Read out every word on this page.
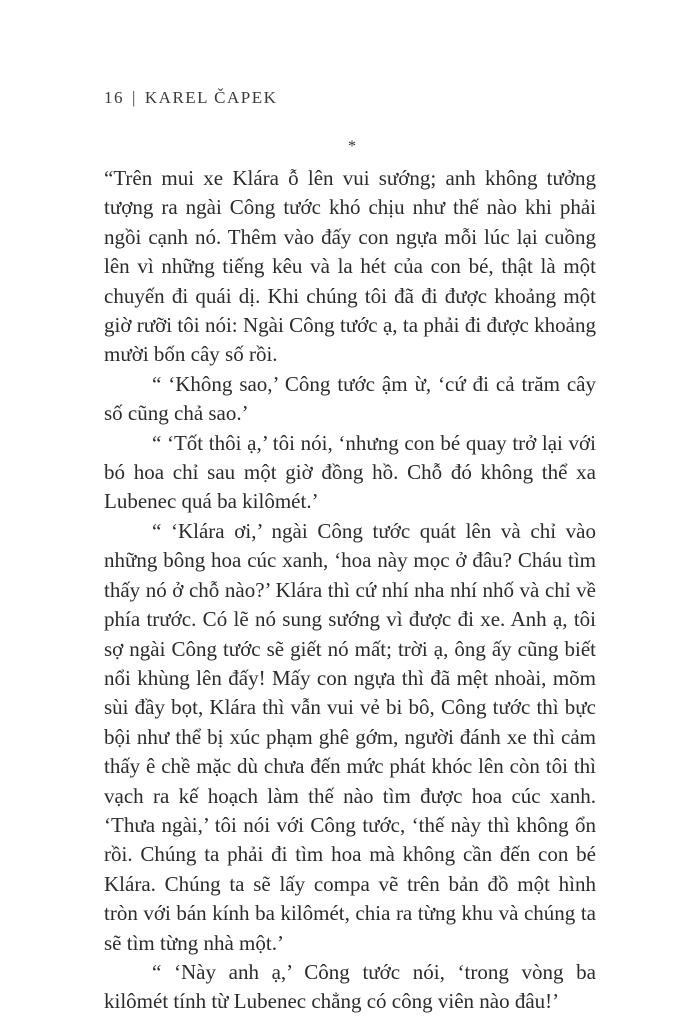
16 | KAREL ČAPEK
*

“Trên mui xe Klára ỗ lên vui sướng; anh không tưởng tượng ra ngài Công tước khó chịu như thế nào khi phải ngồi cạnh nó. Thêm vào đấy con ngựa mỗi lúc lại cuồng lên vì những tiếng kêu và la hét của con bé, thật là một chuyến đi quái dị. Khi chúng tôi đã đi được khoảng một giờ rưỡi tôi nói: Ngài Công tước ạ, ta phải đi được khoảng mười bốn cây số rồi.

“ ‘Không sao,’ Công tước ậm ừ, ‘cứ đi cả trăm cây số cũng chả sao.’

“ ‘Tốt thôi ạ,’ tôi nói, ‘nhưng con bé quay trở lại với bó hoa chỉ sau một giờ đồng hồ. Chỗ đó không thể xa Lubenec quá ba kilômét.’

“ ‘Klára ơi,’ ngài Công tước quát lên và chỉ vào những bông hoa cúc xanh, ‘hoa này mọc ở đâu? Cháu tìm thấy nó ở chỗ nào?’ Klára thì cứ nhí nha nhí nhố và chỉ về phía trước. Có lẽ nó sung sướng vì được đi xe. Anh ạ, tôi sợ ngài Công tước sẽ giết nó mất; trời ạ, ông ấy cũng biết nổi khùng lên đấy! Mấy con ngựa thì đã mệt nhoài, mõm sùi đầy bọt, Klára thì vẫn vui vẻ bi bô, Công tước thì bực bội như thể bị xúc phạm ghê gớm, người đánh xe thì cảm thấy ê chề mặc dù chưa đến mức phát khóc lên còn tôi thì vạch ra kế hoạch làm thế nào tìm được hoa cúc xanh. ‘Thưa ngài,’ tôi nói với Công tước, ‘thế này thì không ổn rồi. Chúng ta phải đi tìm hoa mà không cần đến con bé Klára. Chúng ta sẽ lấy compa vẽ trên bản đồ một hình tròn với bán kính ba kilômét, chia ra từng khu và chúng ta sẽ tìm từng nhà một.’

“ ‘Này anh ạ,’ Công tước nói, ‘trong vòng ba kilômét tính từ Lubenec chẳng có công viên nào đâu!’
